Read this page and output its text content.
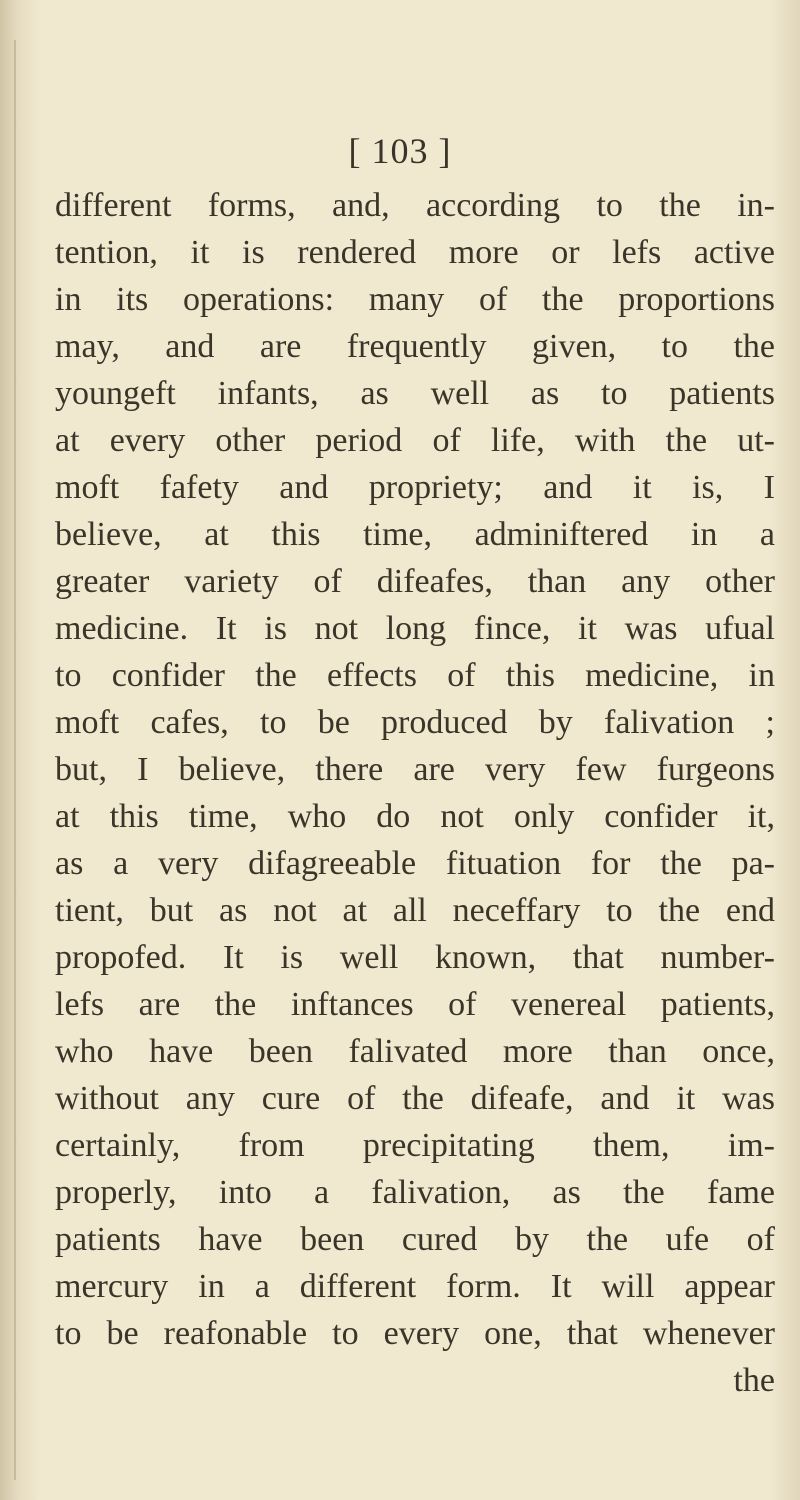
[ 103 ]
different forms, and, according to the in-
tention, it is rendered more or lefs active
in its operations: many of the proportions
may, and are frequently given, to the
youngeft infants, as well as to patients
at every other period of life, with the ut-
moft fafety and propriety; and it is, I
believe, at this time, adminiftered in a
greater variety of difeafes, than any other
medicine. It is not long fince, it was ufual
to confider the effects of this medicine, in
moft cafes, to be produced by falivation ;
but, I believe, there are very few furgeons
at this time, who do not only confider it,
as a very difagreeable fituation for the pa-
tient, but as not at all neceffary to the end
propofed. It is well known, that number-
lefs are the inftances of venereal patients,
who have been falivated more than once,
without any cure of the difeafe, and it was
certainly, from precipitating them, im-
properly, into a falivation, as the fame
patients have been cured by the ufe of
mercury in a different form. It will appear
to be reafonable to every one, that whenever
the
